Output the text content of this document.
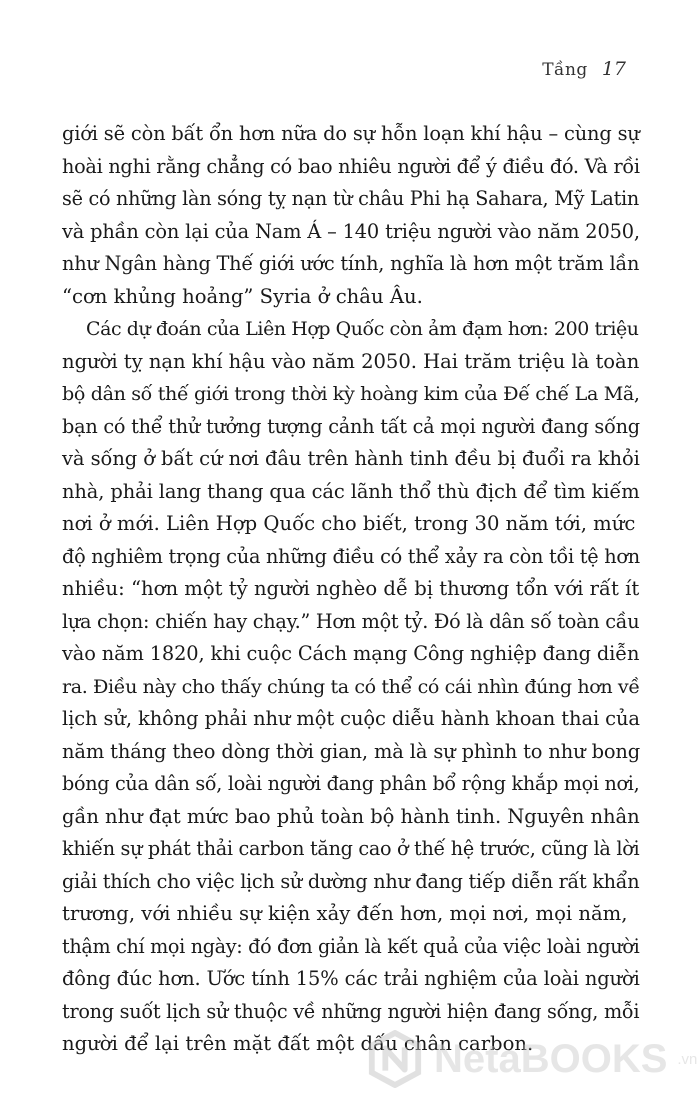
Tầng 17

giới sẽ còn bất ổn hơn nữa do sự hỗn loạn khí hậu – cùng sự
hoài nghi rằng chẳng có bao nhiêu người để ý điều đó. Và rồi
sẽ có những làn sóng tỵ nạn từ châu Phi hạ Sahara, Mỹ Latin
và phần còn lại của Nam Á – 140 triệu người vào năm 2050,
như Ngân hàng Thế giới ước tính, nghĩa là hơn một trăm lần
“cơn khủng hoảng” Syria ở châu Âu.

Các dự đoán của Liên Hợp Quốc còn ảm đạm hơn: 200 triệu
người tỵ nạn khí hậu vào năm 2050. Hai trăm triệu là toàn
bộ dân số thế giới trong thời kỳ hoàng kim của Đế chế La Mã,
bạn có thể thử tưởng tượng cảnh tất cả mọi người đang sống
và sống ở bất cứ nơi đâu trên hành tinh đều bị đuổi ra khỏi
nhà, phải lang thang qua các lãnh thổ thù địch để tìm kiếm
nơi ở mới. Liên Hợp Quốc cho biết, trong 30 năm tới, mức
độ nghiêm trọng của những điều có thể xảy ra còn tồi tệ hơn
nhiều: “hơn một tỷ người nghèo dễ bị thương tổn với rất ít
lựa chọn: chiến hay chạy.” Hơn một tỷ. Đó là dân số toàn cầu
vào năm 1820, khi cuộc Cách mạng Công nghiệp đang diễn
ra. Điều này cho thấy chúng ta có thể có cái nhìn đúng hơn về
lịch sử, không phải như một cuộc diễu hành khoan thai của
năm tháng theo dòng thời gian, mà là sự phình to như bong
bóng của dân số, loài người đang phân bổ rộng khắp mọi nơi,
gần như đạt mức bao phủ toàn bộ hành tinh. Nguyên nhân
khiến sự phát thải carbon tăng cao ở thế hệ trước, cũng là lời
giải thích cho việc lịch sử dường như đang tiếp diễn rất khẩn
trương, với nhiều sự kiện xảy đến hơn, mọi nơi, mọi năm,
thậm chí mọi ngày: đó đơn giản là kết quả của việc loài người
đông đúc hơn. Ước tính 15% các trải nghiệm của loài người
trong suốt lịch sử thuộc về những người hiện đang sống, mỗi
người để lại trên mặt đất một dấu chân carbon.

NetaBOOKS .vn
